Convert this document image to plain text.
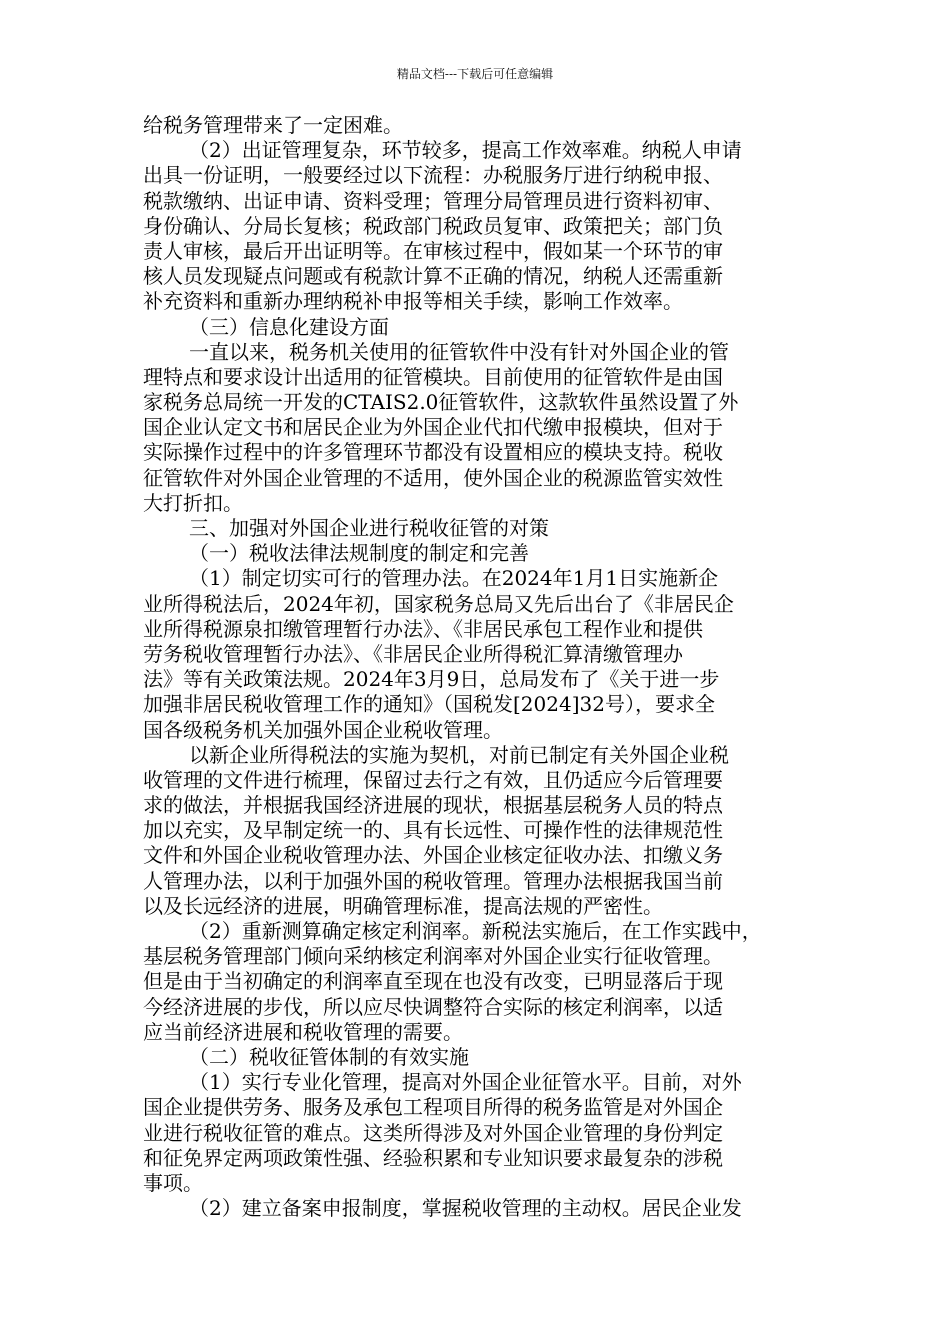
精品文档---下载后可任意编辑
给税务管理带来了一定困难。
（2）出证管理复杂，环节较多，提高工作效率难。纳税人申请
出具一份证明，一般要经过以下流程：办税服务厅进行纳税申报、
税款缴纳、出证申请、资料受理；管理分局管理员进行资料初审、
身份确认、分局长复核；税政部门税政员复审、政策把关；部门负
责人审核，最后开出证明等。在审核过程中，假如某一个环节的审
核人员发现疑点问题或有税款计算不正确的情况，纳税人还需重新
补充资料和重新办理纳税补申报等相关手续，影响工作效率。
（三）信息化建设方面
一直以来，税务机关使用的征管软件中没有针对外国企业的管
理特点和要求设计出适用的征管模块。目前使用的征管软件是由国
家税务总局统一开发的CTAIS2.0征管软件，这款软件虽然设置了外
国企业认定文书和居民企业为外国企业代扣代缴申报模块，但对于
实际操作过程中的许多管理环节都没有设置相应的模块支持。税收
征管软件对外国企业管理的不适用，使外国企业的税源监管实效性
大打折扣。
三、加强对外国企业进行税收征管的对策
（一）税收法律法规制度的制定和完善
（1）制定切实可行的管理办法。在2024年1月1日实施新企
业所得税法后，2024年初，国家税务总局又先后出台了《非居民企
业所得税源泉扣缴管理暂行办法》、《非居民承包工程作业和提供
劳务税收管理暂行办法》、《非居民企业所得税汇算清缴管理办
法》等有关政策法规。2024年3月9日，总局发布了《关于进一步
加强非居民税收管理工作的通知》（国税发[2024]32号），要求全
国各级税务机关加强外国企业税收管理。
以新企业所得税法的实施为契机，对前已制定有关外国企业税
收管理的文件进行梳理，保留过去行之有效，且仍适应今后管理要
求的做法，并根据我国经济进展的现状，根据基层税务人员的特点
加以充实，及早制定统一的、具有长远性、可操作性的法律规范性
文件和外国企业税收管理办法、外国企业核定征收办法、扣缴义务
人管理办法，以利于加强外国的税收管理。管理办法根据我国当前
以及长远经济的进展，明确管理标准，提高法规的严密性。
（2）重新测算确定核定利润率。新税法实施后，在工作实践中，
基层税务管理部门倾向采纳核定利润率对外国企业实行征收管理。
但是由于当初确定的利润率直至现在也没有改变，已明显落后于现
今经济进展的步伐，所以应尽快调整符合实际的核定利润率，以适
应当前经济进展和税收管理的需要。
（二）税收征管体制的有效实施
（1）实行专业化管理，提高对外国企业征管水平。目前，对外
国企业提供劳务、服务及承包工程项目所得的税务监管是对外国企
业进行税收征管的难点。这类所得涉及对外国企业管理的身份判定
和征免界定两项政策性强、经验积累和专业知识要求最复杂的涉税
事项。
（2）建立备案申报制度，掌握税收管理的主动权。居民企业发
